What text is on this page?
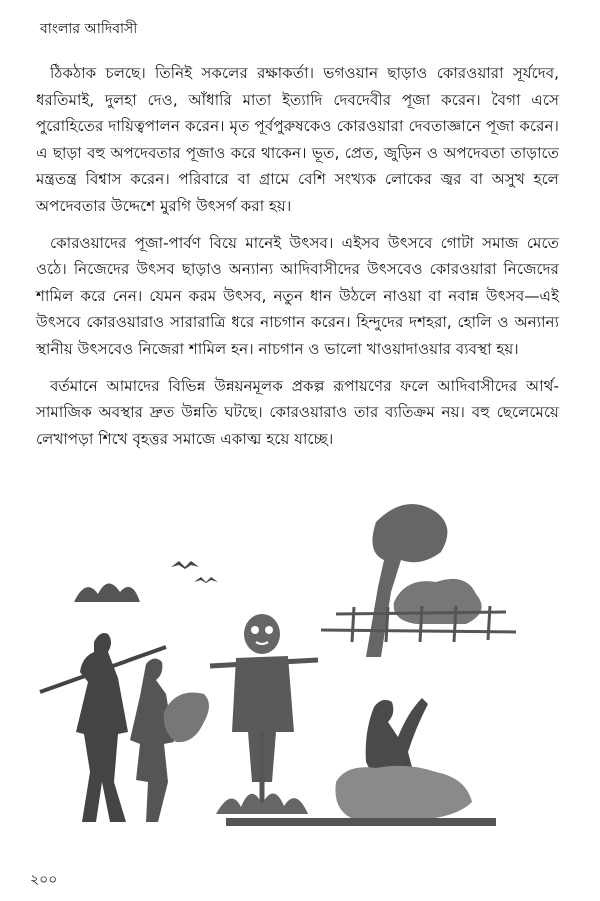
বাংলার আদিবাসী

ঠিকঠাক চলছে। তিনিই সকলের রক্ষাকর্তা। ভগওয়ান ছাড়াও কোরওয়ারা সূর্যদেব, ধরতিমাই, দুলহা দেও, আঁধারি মাতা ইত্যাদি দেবদেবীর পূজা করেন। বৈগা এসে পুরোহিতের দায়িত্বপালন করেন। মৃত পূর্বপুরুষকেও কোরওয়ারা দেবতাজ্ঞানে পূজা করেন। এ ছাড়া বহু অপদেবতার পূজাও করে থাকেন। ভূত, প্রেত, জুড়িন ও অপদেবতা তাড়াতে মন্ত্রতন্ত্র বিশ্বাস করেন। পরিবারে বা গ্রামে বেশি সংখ্যক লোকের জ্বর বা অসুখ হলে অপদেবতার উদ্দেশে মুরগি উৎসর্গ করা হয়।

কোরওয়াদের পূজা-পার্বণ বিয়ে মানেই উৎসব। এইসব উৎসবে গোটা সমাজ মেতে ওঠে। নিজেদের উৎসব ছাড়াও অন্যান্য আদিবাসীদের উৎসবেও কোরওয়ারা নিজেদের শামিল করে নেন। যেমন করম উৎসব, নতুন ধান উঠলে নাওয়া বা নবান্ন উৎসব—এই উৎসবে কোরওয়ারাও সারারাত্রি ধরে নাচগান করেন। হিন্দুদের দশহরা, হোলি ও অন্যান্য স্থানীয় উৎসবেও নিজেরা শামিল হন। নাচগান ও ভালো খাওয়াদাওয়ার ব্যবস্থা হয়।

বর্তমানে আমাদের বিভিন্ন উন্নয়নমূলক প্রকল্প রূপায়ণের ফলে আদিবাসীদের আর্থ-সামাজিক অবস্থার দ্রুত উন্নতি ঘটছে। কোরওয়ারাও তার ব্যতিক্রম নয়। বহু ছেলেমেয়ে লেখাপড়া শিখে বৃহত্তর সমাজে একাত্ম হয়ে যাচ্ছে।

২০০
